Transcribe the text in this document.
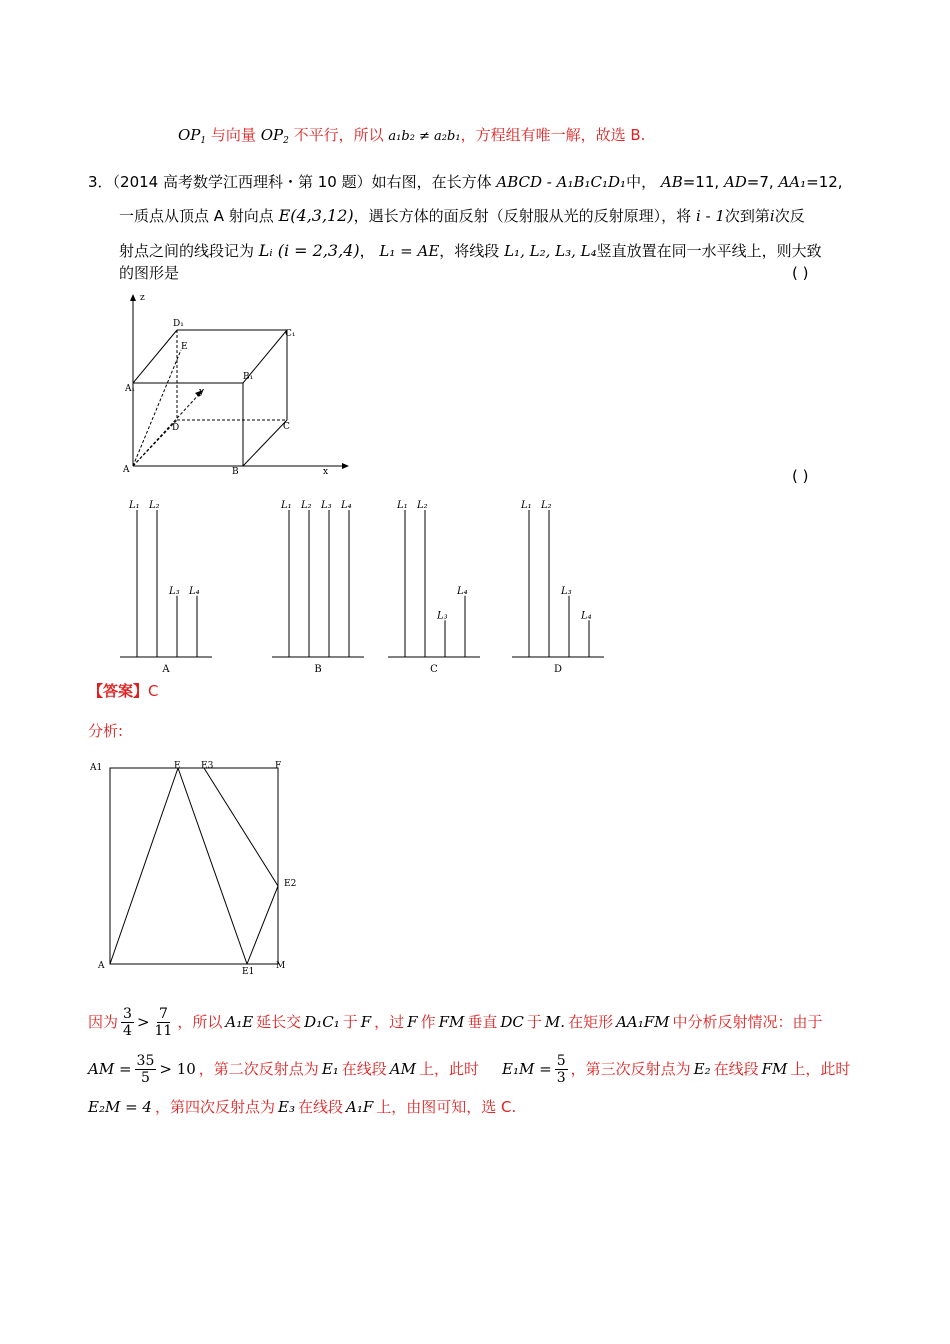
$OP_1$ 与向量 $OP_2$ 不平行，所以 a₁b₂ ≠ a₂b₁，方程组有唯一解，故选 B.
3．（2014 高考数学江西理科・第 10 题）如右图，在长方体 ABCD - A₁B₁C₁D₁中， AB=11, AD=7, AA₁=12,
一质点从顶点 A 射向点 E(4,3,12)，遇长方体的面反射（反射服从光的反射原理），将 i - 1次到第i次反
射点之间的线段记为 Lᵢ (i = 2,3,4)， L₁ = AE，将线段 L₁, L₂, L₃, L₄竖直放置在同一水平线上，则大致
的图形是	( )
z
D₁
C₁
E
A₁
B₁
y
D	C
A	B	x	( )
L₁ L₂
L₃ L₄
A
L₁ L₂ L₃ L₄
B
L₁ L₂
L₃
L₄
C
L₁ L₂
L₃
L₄
D
【答案】C
分析:
A1	E E3	F
E2
A
E1
M
因为 $\frac{3}{4} > \frac{7}{11}$ ，所以 A₁E 延长交 D₁C₁ 于 F ，过 F 作 FM 垂直 DC 于 M. 在矩形 AA₁FM 中分析反射情况：由于
AM = $\frac{35}{5} > 10$ ，第二次反射点为 E₁ 在线段 AM 上，此时 $E_1M = \frac{5}{3}$ ，第三次反射点为 E₂ 在线段 FM 上，此时
E₂M = 4 ，第四次反射点为 E₃ 在线段 A₁F 上，由图可知，选 C.
